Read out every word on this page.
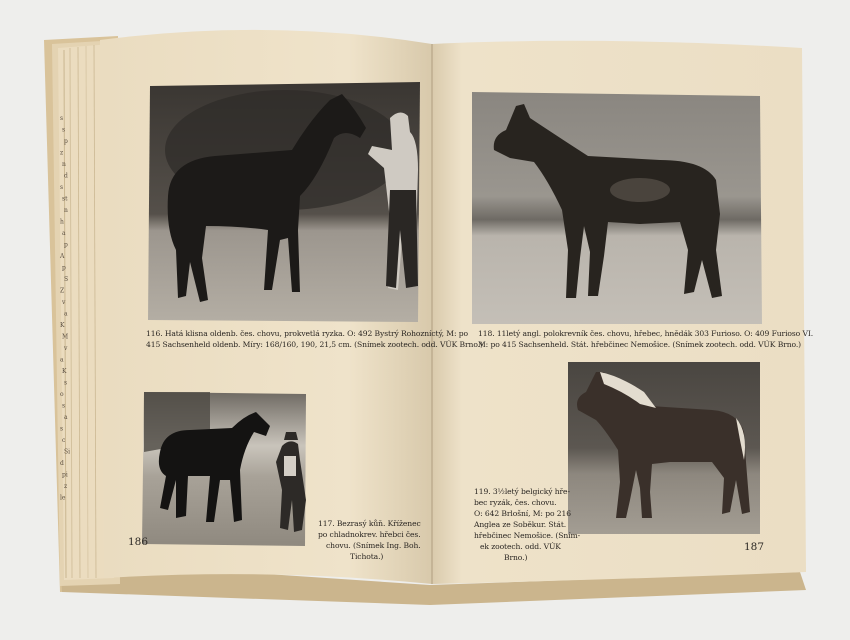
116. Hatá klisna oldenb. čes. chovu, prokvetlá ryzka. O: 492 Bystrý Rohozníctý, M: po
415 Sachsenheld oldenb. Míry: 168/160, 190, 21,5 cm. (Snímek zootech. odd. VÚK Brno.)
117. Bezrasý kůň. Kříženec
po chladnokrev. hřebci čes.
chovu. (Snímek Ing. Boh.
Tichota.)
186
118. 11letý angl. polokrevník čes. chovu, hřebec, hnědák 303 Furioso. O: 409 Furioso VI.
M: po 415 Sachsenheld. Stát. hřebčinec Nemošice. (Snímek zootech. odd. VÚK Brno.)
119. 3½letý belgický hře-
bec ryzák, čes. chovu.
O: 642 Brlošní, M: po 216
Anglea ze Soběkur. Stát.
hřebčinec Nemošice. (Sním-
ek zootech. odd. VÚK
Brno.)
187
s
s
p
z
n
d
s
st
n
h
a
p
A
p
S
Z
v
a
K
M
v
a
K
s
o
s
a
s
c
Si
d
pi
z
le
